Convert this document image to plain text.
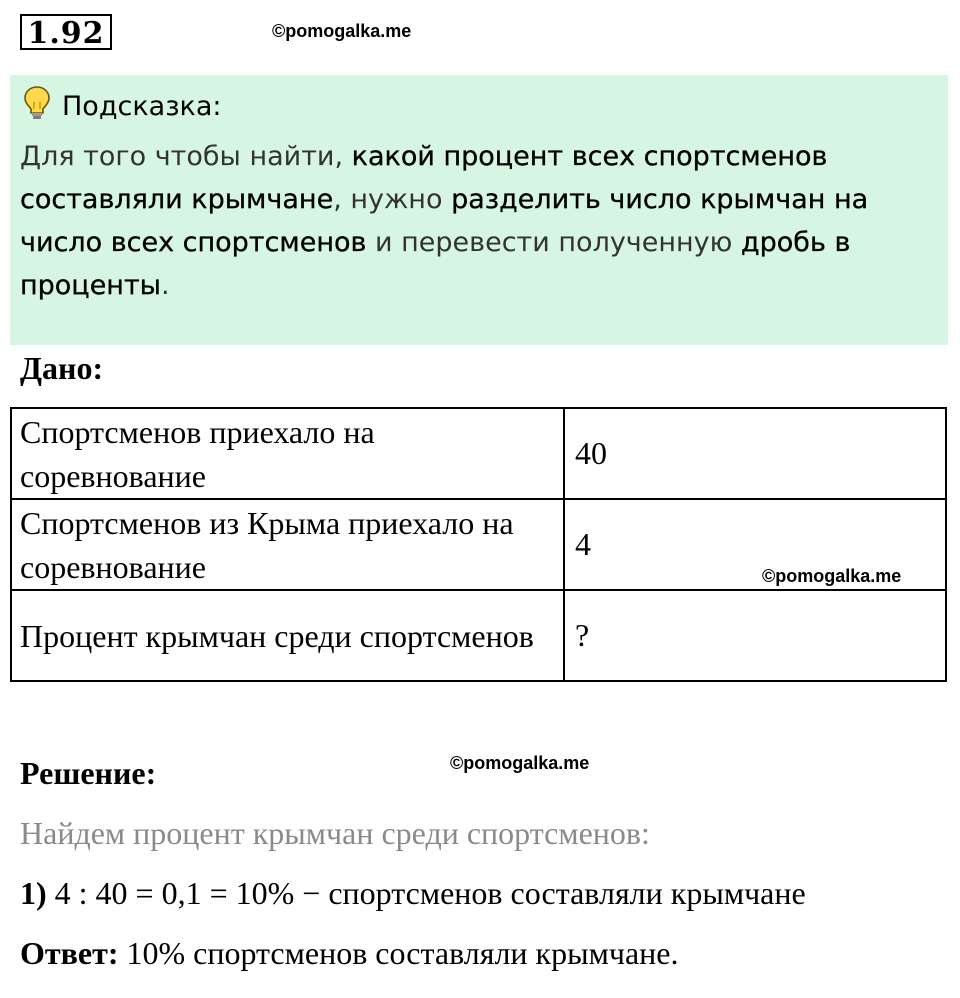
1.92	©pomogalka.me
Подсказка:
Для того чтобы найти, какой процент всех спортсменов составляли крымчане, нужно разделить число крымчан на число всех спортсменов и перевести полученную дробь в проценты.
Дано:
Спортсменов приехало на соревнование	40
Спортсменов из Крыма приехало на соревнование	4
Процент крымчан среди спортсменов	?
©pomogalka.me
Решение:	©pomogalka.me
Найдем процент крымчан среди спортсменов:
1) 4 : 40 = 0,1 = 10% − спортсменов составляли крымчане
Ответ: 10% спортсменов составляли крымчане.
